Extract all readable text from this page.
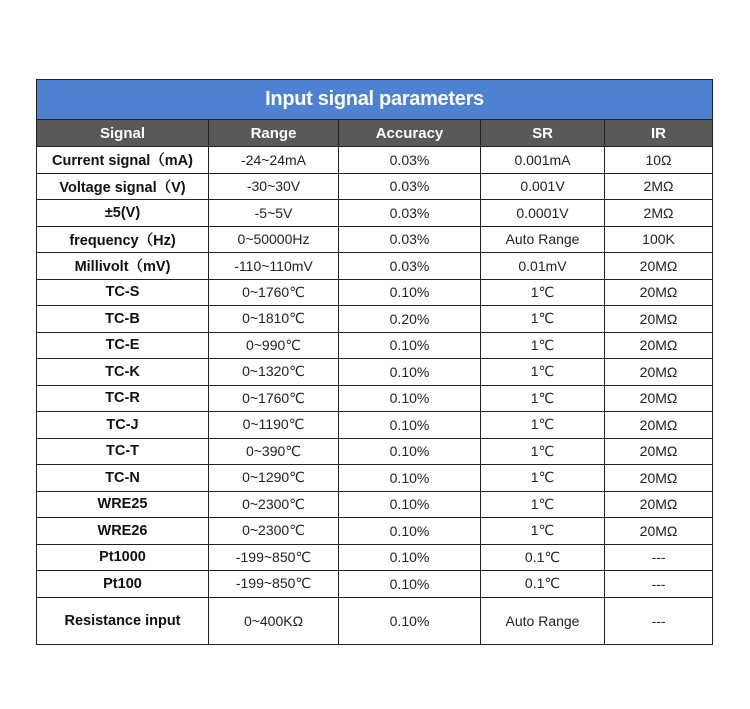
Input signal parameters				
Signal	Range	Accuracy	SR	IR
Current signal（mA)	-24~24mA	0.03%	0.001mA	10Ω
Voltage signal（V)	-30~30V	0.03%	0.001V	2MΩ
±5(V)	-5~5V	0.03%	0.0001V	2MΩ
frequency（Hz)	0~50000Hz	0.03%	Auto Range	100K
Millivolt（mV)	-110~110mV	0.03%	0.01mV	20MΩ
TC-S	0~1760℃	0.10%	1℃	20MΩ
TC-B	0~1810℃	0.20%	1℃	20MΩ
TC-E	0~990℃	0.10%	1℃	20MΩ
TC-K	0~1320℃	0.10%	1℃	20MΩ
TC-R	0~1760℃	0.10%	1℃	20MΩ
TC-J	0~1190℃	0.10%	1℃	20MΩ
TC-T	0~390℃	0.10%	1℃	20MΩ
TC-N	0~1290℃	0.10%	1℃	20MΩ
WRE25	0~2300℃	0.10%	1℃	20MΩ
WRE26	0~2300℃	0.10%	1℃	20MΩ
Pt1000	-199~850℃	0.10%	0.1℃	---
Pt100	-199~850℃	0.10%	0.1℃	---
Resistance input	0~400KΩ	0.10%	Auto Range	---
